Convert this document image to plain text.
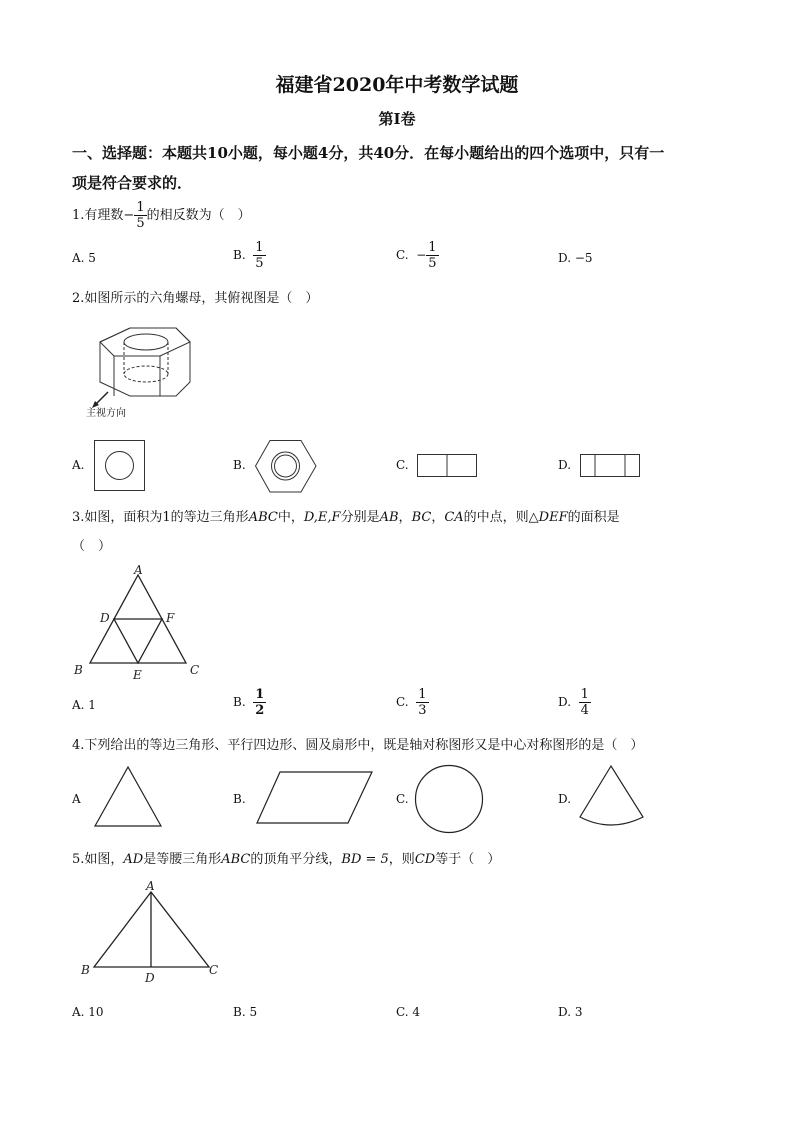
福建省2020年中考数学试题
第Ⅰ卷
一、选择题：本题共10小题，每小题4分，共40分．在每小题给出的四个选项中，只有一
项是符合要求的．
1.有理数− $\frac{1}{5}$ 的相反数为（　）
A. 5	B. $\frac{1}{5}$	C. − $\frac{1}{5}$	D. −5
2.如图所示的六角螺母，其俯视图是（　）
主视方向
A.	B.	C.	D.
3.如图，面积为1的等边三角形ABC中，D,E,F分别是AB，BC，CA的中点，则△DEF的面积是
（　）
A
B	C
D
E
F
A. 1	B. $\frac{1}{2}$	C. $\frac{1}{3}$	D. $\frac{1}{4}$
4.下列给出的等边三角形、平行四边形、圆及扇形中，既是轴对称图形又是中心对称图形的是（　）
A	B.	C.	D.
5.如图，AD是等腰三角形ABC的顶角平分线，BD = 5，则CD等于（　）
A
B	C
D
A. 10	B. 5	C. 4	D. 3
